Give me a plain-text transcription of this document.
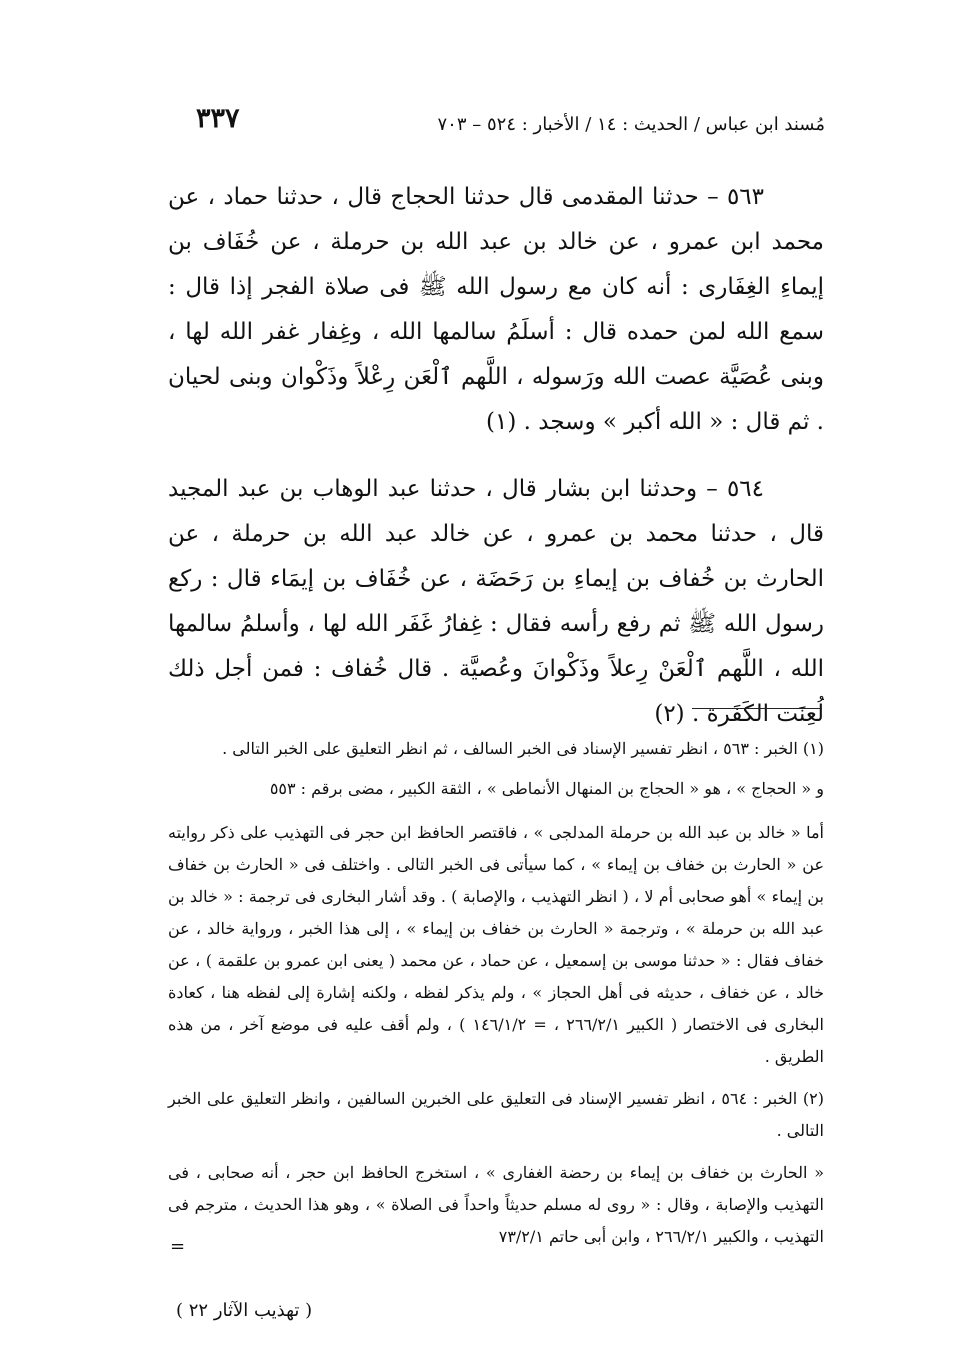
٣٣٧	مُسند ابن عباس / الحديث : ١٤ / الأخبار : ٥٢٤ – ٧٠٣

٥٦٣ – حدثنا المقدمى قال حدثنا الحجاج قال ، حدثنا حماد ، عن محمد ابن عمرو ، عن خالد بن عبد الله بن حرملة ، عن خُفَاف بن إيماءِ الغِفَارى : أنه كان مع رسول الله ﷺ فى صلاة الفجر إذا قال : سمع الله لمن حمده قال : أسلَمُ سالمها الله ، وغِفار غفر الله لها ، وبنى عُصَيَّة عصت الله ورَسوله ، اللَّهم ٱلْعَن رِعْلاً وذَكْوان وبنى لحيان . ثم قال : « الله أكبر » وسجد . (١)

٥٦٤ – وحدثنا ابن بشار قال ، حدثنا عبد الوهاب بن عبد المجيد قال ، حدثنا محمد بن عمرو ، عن خالد عبد الله بن حرملة ، عن الحارث بن خُفاف بن إيماءِ بن رَحَضَة ، عن خُفَاف بن إيمَاء قال : ركع رسول الله ﷺ ثم رفع رأسه فقال : غِفارُ غَفَر الله لها ، وأسلمُ سالمها الله ، اللَّهم ٱلْعَنْ رِعلاً وذَكْوانَ وعُصيَّة . قال خُفاف : فمن أجل ذلك لُعِنَت الكَفَرة . (٢)

(١) الخبر : ٥٦٣ ، انظر تفسير الإسناد فى الخبر السالف ، ثم انظر التعليق على الخبر التالى .

و « الحجاج » ، هو « الحجاج بن المنهال الأنماطى » ، الثقة الكبير ، مضى برقم : ٥٥٣

أما « خالد بن عبد الله بن حرملة المدلجى » ، فاقتصر الحافظ ابن حجر فى التهذيب على ذكر روايته عن « الحارث بن خفاف بن إيماء » ، كما سيأتى فى الخبر التالى . واختلف فى « الحارث بن خفاف بن إيماء » أهو صحابى أم لا ، ( انظر التهذيب ، والإصابة ) . وقد أشار البخارى فى ترجمة : « خالد بن عبد الله بن حرملة » ، وترجمة « الحارث بن خفاف بن إيماء » ، إلى هذا الخبر ، ورواية خالد ، عن خفاف فقال : « حدثنا موسى بن إسمعيل ، عن حماد ، عن محمد ( يعنى ابن عمرو بن علقمة ) ، عن خالد ، عن خفاف ، حديثه فى أهل الحجاز » ، ولم يذكر لفظه ، ولكنه إشارة إلى لفظه هنا ، كعادة البخارى فى الاختصار ( الكبير ٢٦٦/٢/١ ، = ١٤٦/١/٢ ) ، ولم أقف عليه فى موضع آخر ، من هذه الطريق .

(٢) الخبر : ٥٦٤ ، انظر تفسير الإسناد فى التعليق على الخبرين السالفين ، وانظر التعليق على الخبر التالى .

« الحارث بن خفاف بن إيماء بن رحضة الغفارى » ، استخرج الحافظ ابن حجر ، أنه صحابى ، فى التهذيب والإصابة ، وقال : « روى له مسلم حديثاً واحداً فى الصلاة » ، وهو هذا الحديث ، مترجم فى التهذيب ، والكبير ٢٦٦/٢/١ ، وابن أبى حاتم ٧٣/٢/١

=
( تهذيب الآثار ٢٢ )
